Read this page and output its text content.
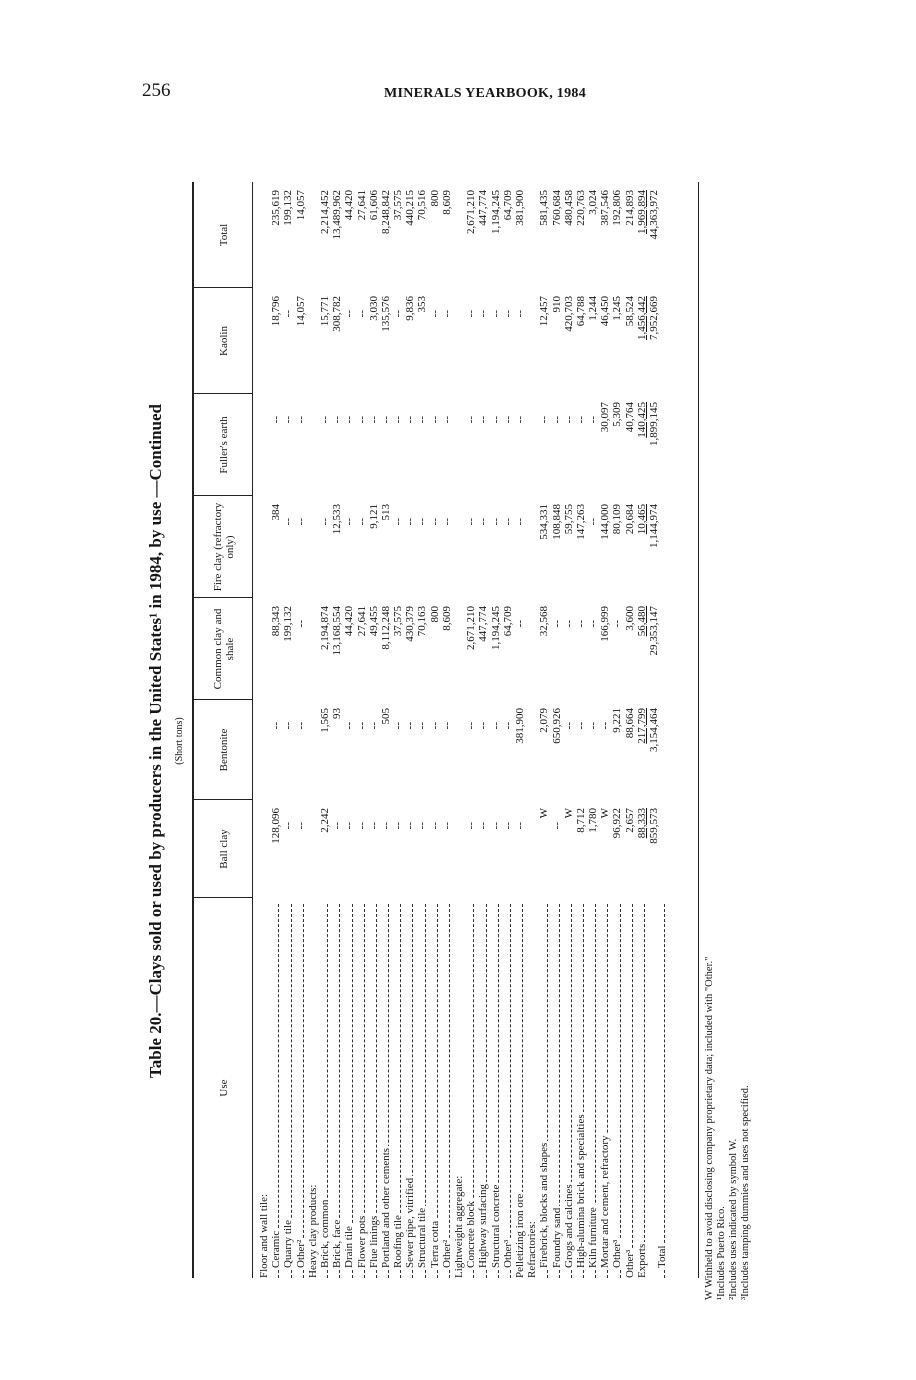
256	MINERALS YEARBOOK, 1984
Table 20.—Clays sold or used by producers in the United States¹ in 1984, by use —Continued (Short tons)
Use
Ball clay
Bentonite
Common clay and shale
Fire clay (refractory only)
Fuller's earth
Kaolin
Total
Floor and wall tile: Ceramic Quarry tile Other² Heavy clay products: Brick, common Brick, face Drain tile Flower pots Flue linings Portland and other cements Roofing tile Sewer pipe, vitrified Structural tile Terra cotta Other² Lightweight aggregate: Concrete block Highway surfacing Structural concrete Other³ Pelletizing iron ore Refractories: Firebrick, blocks and shapes Foundry sand Grogs and calcines High-alumina brick and specialties Kiln furniture Mortar and cement, refractory Other³ Other³ Exports Total
128,096 -- -- 2,242 -- -- -- -- -- -- -- -- -- -- -- -- -- -- --
W
--
W 8,712 1,780 W 96,922 2,657 88,333 859,573
-- -- -- 1,565 93
-- -- --
505
-- -- -- -- -- -- -- -- -- 381,900 2,079 650,926 -- -- -- -- 9,221 88,664 217,799 3,154,464
88,343 199,132 -- 2,194,874 13,168,554 44,420 27,641 49,455 8,112,248 37,575 430,379 70,163 800 8,609 2,671,210 447,774 1,194,245 64,709 -- 32,568 -- -- -- -- 166,999 -- 3,600 56,480 29,353,147
384
-- -- -- 12,533 -- -- 9,121 513
-- -- -- -- -- -- -- -- -- -- 534,331 108,848 59,755 147,263 -- 144,000 80,109 20,684 10,465 1,144,974
-- -- -- -- -- -- -- -- -- -- -- -- -- -- -- -- -- -- -- -- -- -- -- -- 30,097 5,309 40,764 140,425 1,899,145
18,796 -- 14,057 15,771 308,782 -- -- 3,030 135,576 -- 9,836 353
-- -- -- -- -- -- -- 12,457 910 420,703 64,788 1,244 46,450 1,245 58,524 1,456,442 7,952,669
235,619 199,132 14,057 2,214,452 13,489,962 44,420 27,641 61,606 8,248,842 37,575 440,215 70,516 800 8,609 2,671,210 447,774 1,194,245 64,709 381,900 581,435 760,684 480,458 220,763 3,024 387,546 192,806 214,893 1,969,894 44,363,972
W Withheld to avoid disclosing company proprietary data; included with "Other." ¹Includes Puerto Rico. ²Includes uses indicated by symbol W. ³Includes tamping dummies and uses not specified.
